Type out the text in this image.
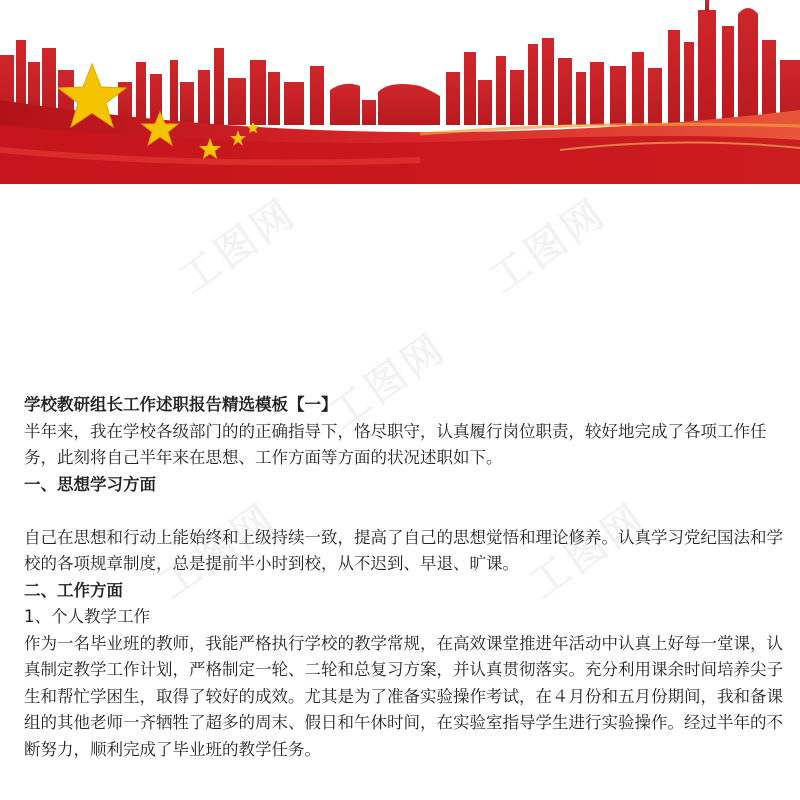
工图网	工图网
工图网
工图网	工图网

学校教研组长工作述职报告精选模板【一】

半年来，我在学校各级部门的的正确指导下，恪尽职守，认真履行岗位职责，较好地完成了各项工作任务，此刻将自己半年来在思想、工作方面等方面的状况述职如下。

一、思想学习方面

自己在思想和行动上能始终和上级持续一致，提高了自己的思想觉悟和理论修养。认真学习党纪国法和学校的各项规章制度，总是提前半小时到校，从不迟到、早退、旷课。

二、工作方面

1、个人教学工作

作为一名毕业班的教师，我能严格执行学校的教学常规，在高效课堂推进年活动中认真上好每一堂课，认真制定教学工作计划，严格制定一轮、二轮和总复习方案，并认真贯彻落实。充分利用课余时间培养尖子生和帮忙学困生，取得了较好的成效。尤其是为了准备实验操作考试，在４月份和五月份期间，我和备课组的其他老师一齐牺牲了超多的周末、假日和午休时间，在实验室指导学生进行实验操作。经过半年的不断努力，顺利完成了毕业班的教学任务。
